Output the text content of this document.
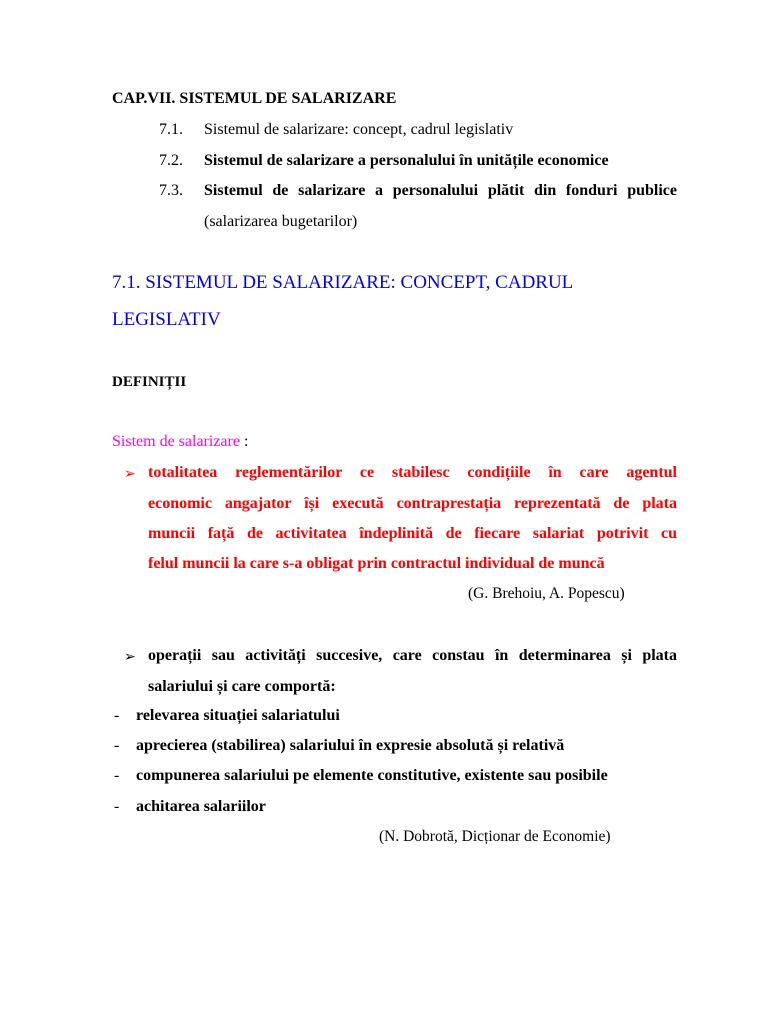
CAP.VII. SISTEMUL DE SALARIZARE
7.1. Sistemul de salarizare: concept, cadrul legislativ
7.2. Sistemul de salarizare a personalului în unitățile economice
7.3. Sistemul de salarizare a personalului plătit din fonduri publice
(salarizarea bugetarilor)
7.1. SISTEMUL DE SALARIZARE: CONCEPT, CADRUL
LEGISLATIV
DEFINIȚII
Sistem de salarizare :
➢ totalitatea reglementărilor ce stabilesc condițiile în care agentul
economic angajator își execută contraprestația reprezentată de plata
muncii față de activitatea îndeplinită de fiecare salariat potrivit cu
felul muncii la care s-a obligat prin contractul individual de muncă
(G. Brehoiu, A. Popescu)
➢ operații sau activități succesive, care constau în determinarea și plata
salariului și care comportă:
- relevarea situației salariatului
- aprecierea (stabilirea) salariului în expresie absolută și relativă
- compunerea salariului pe elemente constitutive, existente sau posibile
- achitarea salariilor
(N. Dobrotă, Dicționar de Economie)
